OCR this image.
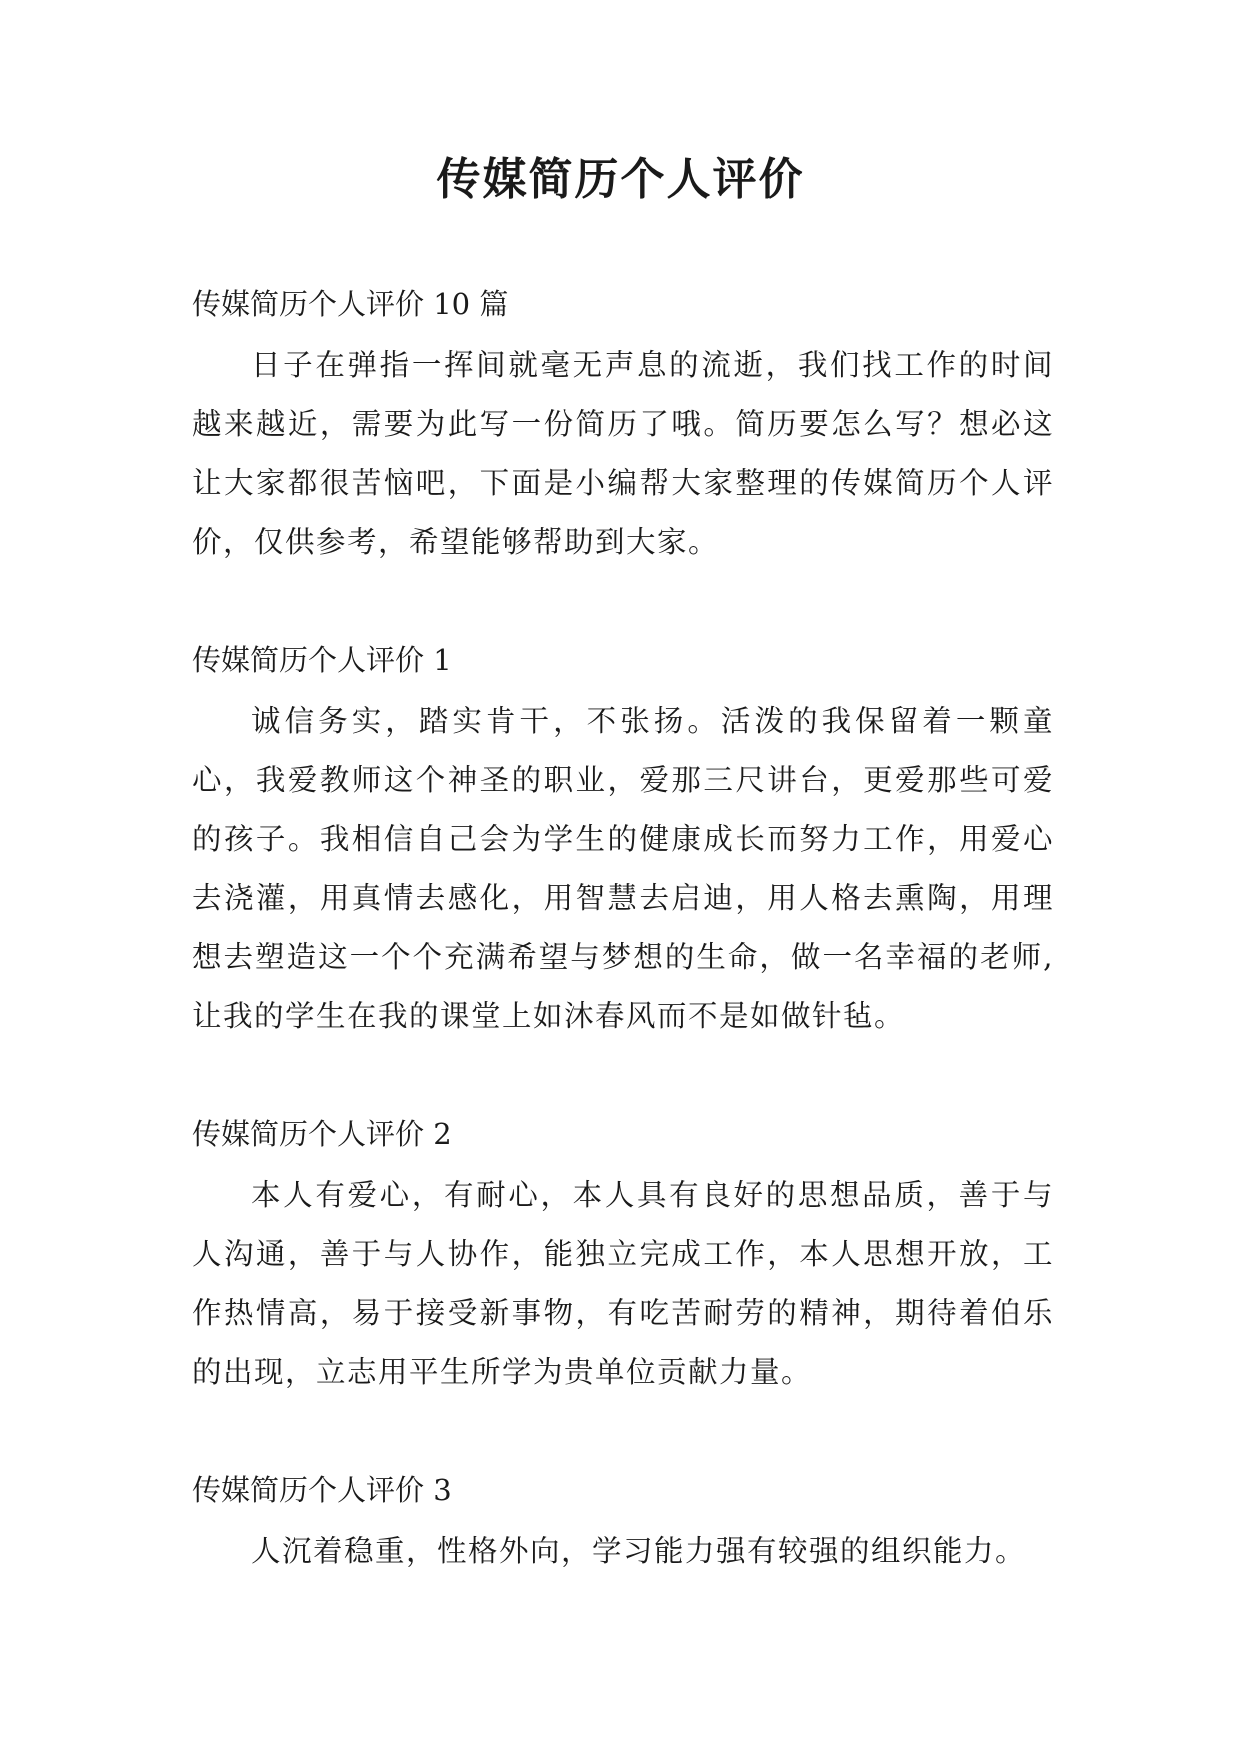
传媒简历个人评价

传媒简历个人评价 10 篇

日子在弹指一挥间就毫无声息的流逝，我们找工作的时间越来越近，需要为此写一份简历了哦。简历要怎么写？想必这让大家都很苦恼吧，下面是小编帮大家整理的传媒简历个人评价，仅供参考，希望能够帮助到大家。

传媒简历个人评价 1

诚信务实，踏实肯干，不张扬。活泼的我保留着一颗童心，我爱教师这个神圣的职业，爱那三尺讲台，更爱那些可爱的孩子。我相信自己会为学生的健康成长而努力工作，用爱心去浇灌，用真情去感化，用智慧去启迪，用人格去熏陶，用理想去塑造这一个个充满希望与梦想的生命，做一名幸福的老师,让我的学生在我的课堂上如沐春风而不是如做针毡。

传媒简历个人评价 2

本人有爱心，有耐心，本人具有良好的思想品质，善于与人沟通，善于与人协作，能独立完成工作，本人思想开放，工作热情高，易于接受新事物，有吃苦耐劳的精神，期待着伯乐的出现，立志用平生所学为贵单位贡献力量。

传媒简历个人评价 3

人沉着稳重，性格外向，学习能力强有较强的组织能力。
